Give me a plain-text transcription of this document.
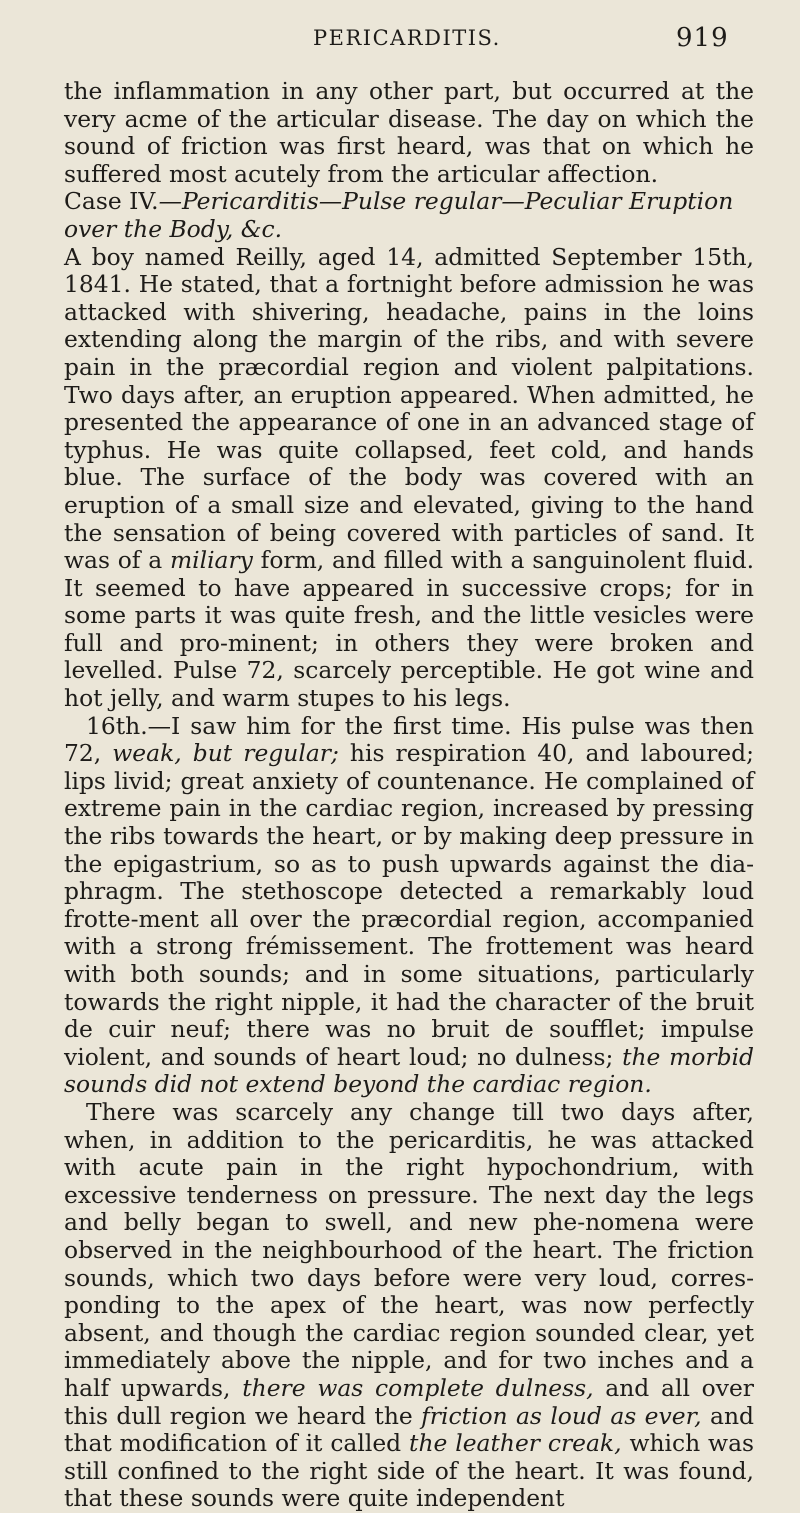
PERICARDITIS.	919

the inflammation in any other part, but occurred at the very acme of the articular disease. The day on which the sound of friction was first heard, was that on which he suffered most acutely from the articular affection.

Case IV.—Pericarditis—Pulse regular—Peculiar Eruption
over the Body, &c.

A boy named Reilly, aged 14, admitted September 15th, 1841. He stated, that a fortnight before admission he was attacked with shivering, headache, pains in the loins extending along the margin of the ribs, and with severe pain in the præcordial region and violent palpitations. Two days after, an eruption appeared. When admitted, he presented the appearance of one in an advanced stage of typhus. He was quite collapsed, feet cold, and hands blue. The surface of the body was covered with an eruption of a small size and elevated, giving to the hand the sensation of being covered with particles of sand. It was of a miliary form, and filled with a sanguinolent fluid. It seemed to have appeared in successive crops; for in some parts it was quite fresh, and the little vesicles were full and pro-minent; in others they were broken and levelled. Pulse 72, scarcely perceptible. He got wine and hot jelly, and warm stupes to his legs.

16th.—I saw him for the first time. His pulse was then 72, weak, but regular; his respiration 40, and laboured; lips livid; great anxiety of countenance. He complained of extreme pain in the cardiac region, increased by pressing the ribs towards the heart, or by making deep pressure in the epigastrium, so as to push upwards against the dia-phragm. The stethoscope detected a remarkably loud frotte-ment all over the præcordial region, accompanied with a strong frémissement. The frottement was heard with both sounds; and in some situations, particularly towards the right nipple, it had the character of the bruit de cuir neuf; there was no bruit de soufflet; impulse violent, and sounds of heart loud; no dulness; the morbid sounds did not extend beyond the cardiac region.

There was scarcely any change till two days after, when, in addition to the pericarditis, he was attacked with acute pain in the right hypochondrium, with excessive tenderness on pressure. The next day the legs and belly began to swell, and new phe-nomena were observed in the neighbourhood of the heart. The friction sounds, which two days before were very loud, corres-ponding to the apex of the heart, was now perfectly absent, and though the cardiac region sounded clear, yet immediately above the nipple, and for two inches and a half upwards, there was complete dulness, and all over this dull region we heard the friction as loud as ever, and that modification of it called the leather creak, which was still confined to the right side of the heart. It was found, that these sounds were quite independent
